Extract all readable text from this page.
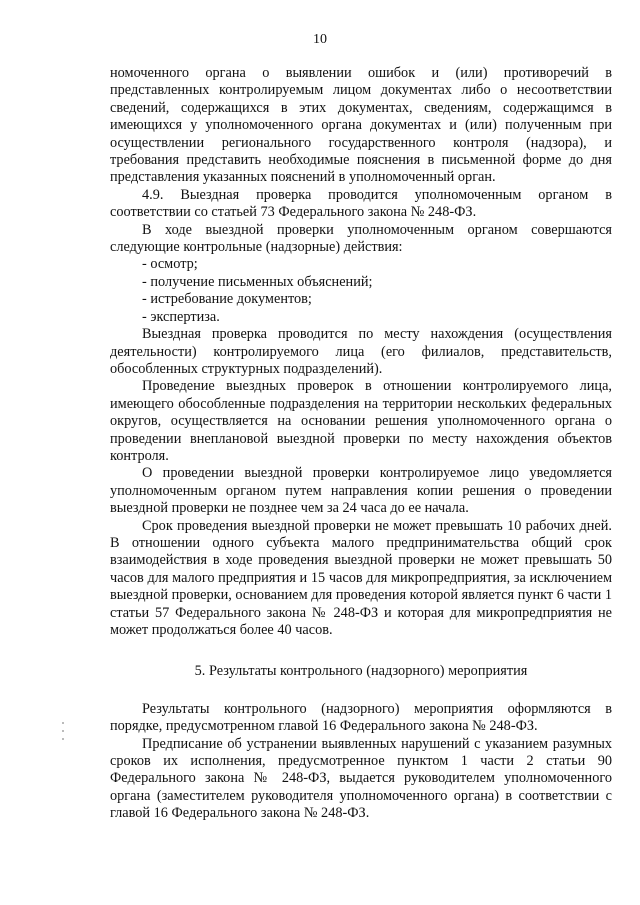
10

номоченного органа о выявлении ошибок и (или) противоречий в представленных контролируемым лицом документах либо о несоответствии сведений, содержащихся в этих документах, сведениям, содержащимся в имеющихся у уполномоченного органа документах и (или) полученным при осуществлении регионального государственного контроля (надзора), и требования представить необходимые пояснения в письменной форме до дня представления указанных пояснений в уполномоченный орган.

4.9. Выездная проверка проводится уполномоченным органом в соответствии со статьей 73 Федерального закона № 248-ФЗ.

В ходе выездной проверки уполномоченным органом совершаются следующие контрольные (надзорные) действия:

- осмотр;

- получение письменных объяснений;

- истребование документов;

- экспертиза.

Выездная проверка проводится по месту нахождения (осуществления деятельности) контролируемого лица (его филиалов, представительств, обособленных структурных подразделений).

Проведение выездных проверок в отношении контролируемого лица, имеющего обособленные подразделения на территории нескольких федеральных округов, осуществляется на основании решения уполномоченного органа о проведении внеплановой выездной проверки по месту нахождения объектов контроля.

О проведении выездной проверки контролируемое лицо уведомляется уполномоченным органом путем направления копии решения о проведении выездной проверки не позднее чем за 24 часа до ее начала.

Срок проведения выездной проверки не может превышать 10 рабочих дней. В отношении одного субъекта малого предпринимательства общий срок взаимодействия в ходе проведения выездной проверки не может превышать 50 часов для малого предприятия и 15 часов для микропредприятия, за исключением выездной проверки, основанием для проведения которой является пункт 6 части 1 статьи 57 Федерального закона № 248-ФЗ и которая для микропредприятия не может продолжаться более 40 часов.

5. Результаты контрольного (надзорного) мероприятия

Результаты контрольного (надзорного) мероприятия оформляются в порядке, предусмотренном главой 16 Федерального закона № 248-ФЗ.

Предписание об устранении выявленных нарушений с указанием разумных сроков их исполнения, предусмотренное пунктом 1 части 2 статьи 90 Федерального закона № 248-ФЗ, выдается руководителем уполномоченного органа (заместителем руководителя уполномоченного органа) в соответствии с главой 16 Федерального закона № 248-ФЗ.
